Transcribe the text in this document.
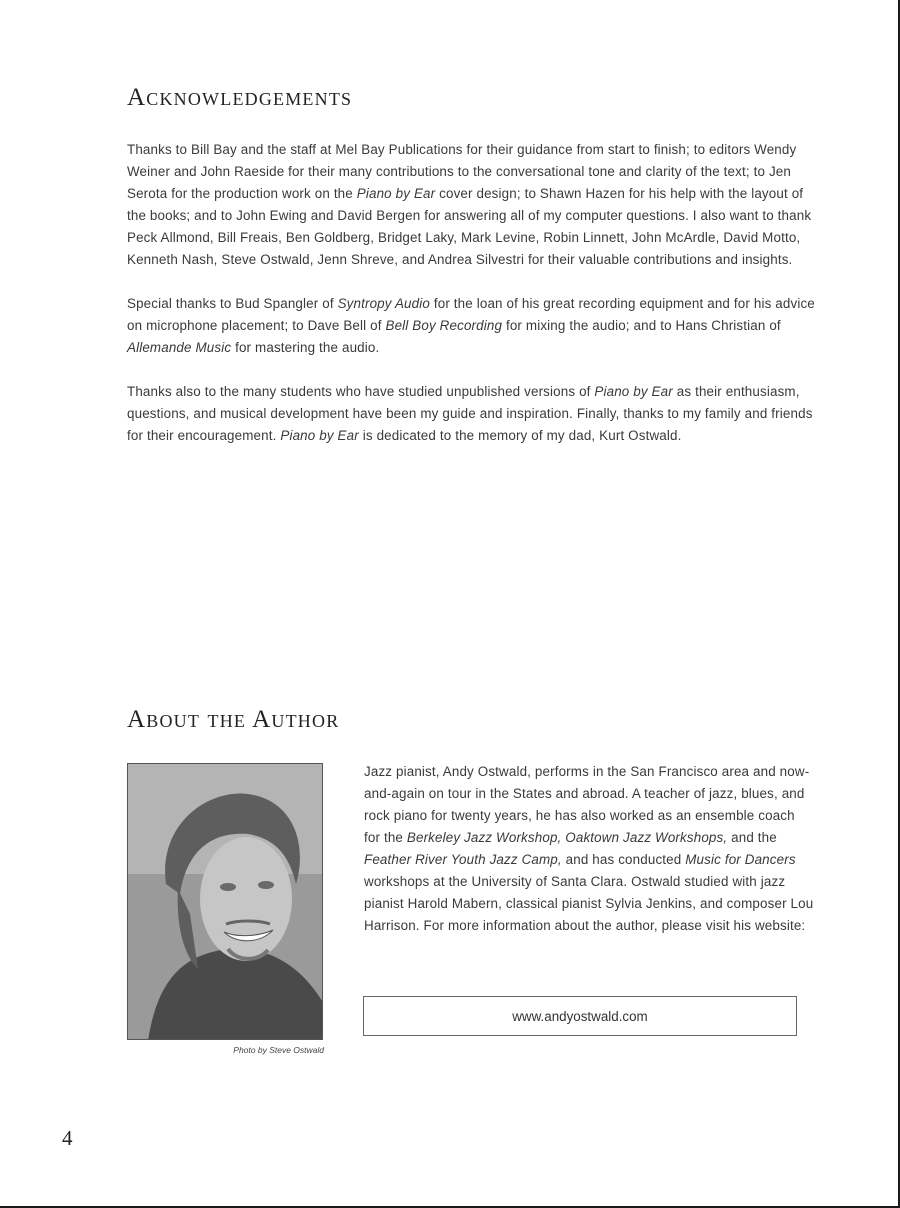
Acknowledgements

Thanks to Bill Bay and the staff at Mel Bay Publications for their guidance from start to finish; to editors Wendy Weiner and John Raeside for their many contributions to the conversational tone and clarity of the text; to Jen Serota for the production work on the Piano by Ear cover design; to Shawn Hazen for his help with the layout of the books; and to John Ewing and David Bergen for answering all of my computer questions. I also want to thank Peck Allmond, Bill Freais, Ben Goldberg, Bridget Laky, Mark Levine, Robin Linnett, John McArdle, David Motto, Kenneth Nash, Steve Ostwald, Jenn Shreve, and Andrea Silvestri for their valuable contributions and insights.

Special thanks to Bud Spangler of Syntropy Audio for the loan of his great recording equipment and for his advice on microphone placement; to Dave Bell of Bell Boy Recording for mixing the audio; and to Hans Christian of Allemande Music for mastering the audio.

Thanks also to the many students who have studied unpublished versions of Piano by Ear as their enthusiasm, questions, and musical development have been my guide and inspiration. Finally, thanks to my family and friends for their encouragement. Piano by Ear is dedicated to the memory of my dad, Kurt Ostwald.

About the Author
Photo by Steve Ostwald

Jazz pianist, Andy Ostwald, performs in the San Francisco area and now-and-again on tour in the States and abroad. A teacher of jazz, blues, and rock piano for twenty years, he has also worked as an ensemble coach for the Berkeley Jazz Workshop, Oaktown Jazz Workshops, and the Feather River Youth Jazz Camp, and has conducted Music for Dancers workshops at the University of Santa Clara. Ostwald studied with jazz pianist Harold Mabern, classical pianist Sylvia Jenkins, and composer Lou Harrison. For more information about the author, please visit his website:

www.andyostwald.com
4
